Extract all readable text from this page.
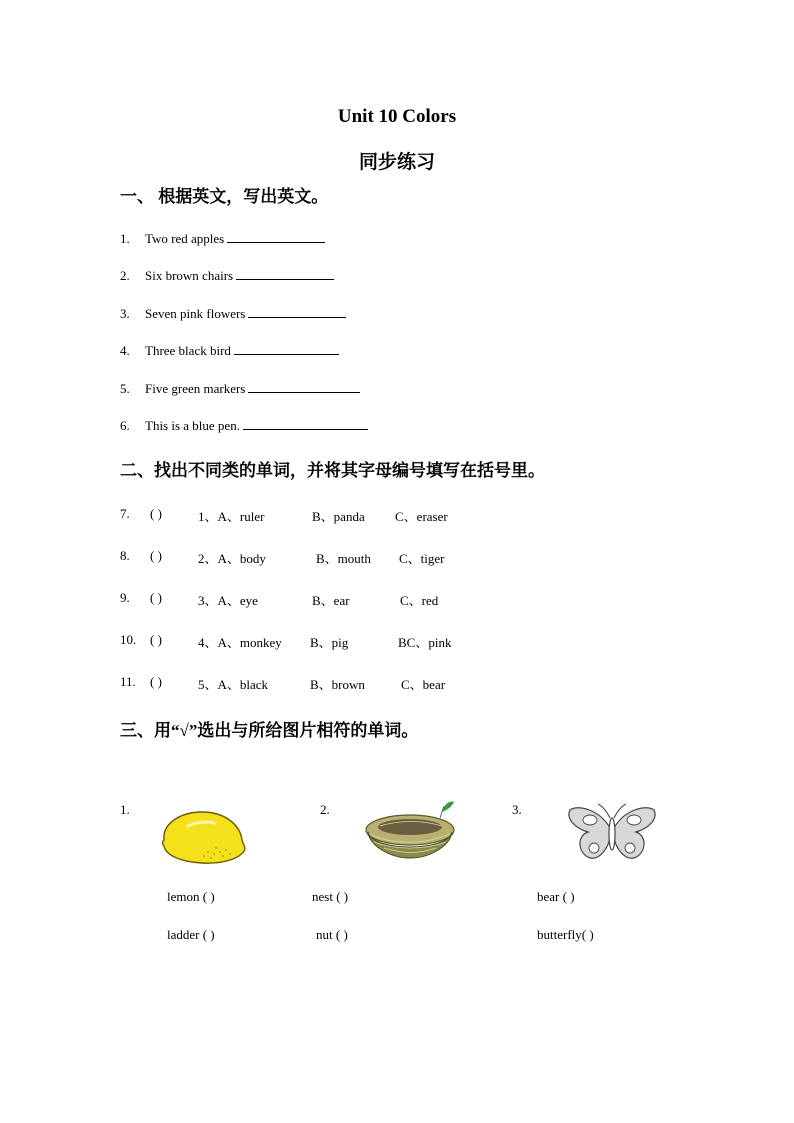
Unit 10 Colors
同步练习
一、 根据英文，写出英文。
1. Two red apples
2. Six brown chairs
3. Seven pink flowers
4. Three black bird
5. Five green markers
6. This is a blue pen.
二、找出不同类的单词，并将其字母编号填写在括号里。
7. ( )	1、A、ruler	B、panda C、eraser
8. ( )	2、A、body	B、mouth C、tiger
9. ( )	3、A、eye	B、ear	C、red
10. ( )	4、A、monkey B、pig	BC、pink
11. ( )	5、A、black	B、brown	C、bear
三、用“√”选出与所给图片相符的单词。
1.
lemon ( )
ladder ( )
2.
nest ( )
nut ( )
3.
bear ( )
butterfly( )
